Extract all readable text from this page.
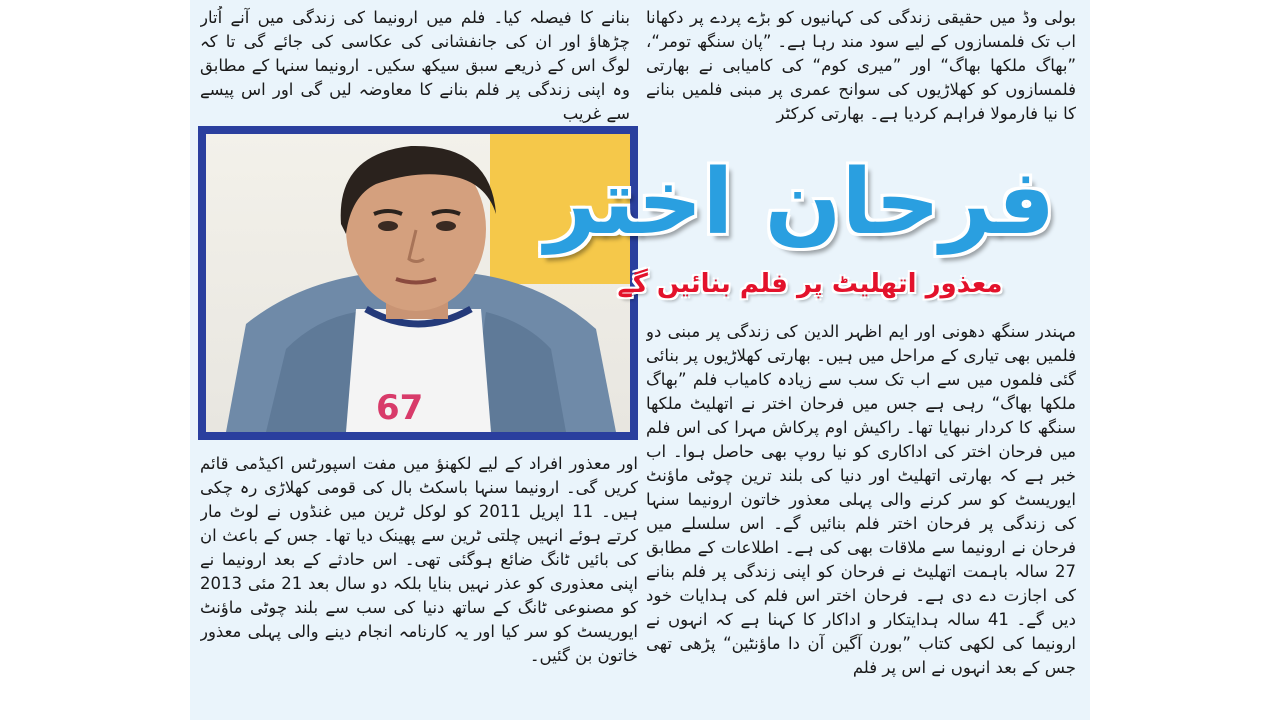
بولی وڈ میں حقیقی زندگی کی کہانیوں کو بڑے پردے پر دکھانا اب تک فلمسازوں کے لیے سود مند رہا ہے۔ ”پان سنگھ تومر“، ”بھاگ ملکھا بھاگ“ اور ”میری کوم“ کی کامیابی نے بھارتی فلمسازوں کو کھلاڑیوں کی سوانح عمری پر مبنی فلمیں بنانے کا نیا فارمولا فراہم کردیا ہے۔ بھارتی کرکٹر

بنانے کا فیصلہ کیا۔ فلم میں ارونیما کی زندگی میں آنے اُتار چڑھاؤ اور ان کی جانفشانی کی عکاسی کی جائے گی تا کہ لوگ اس کے ذریعے سبق سیکھ سکیں۔ ارونیما سنہا کے مطابق وہ اپنی زندگی پر فلم بنانے کا معاوضہ لیں گی اور اس پیسے سے غریب

67
فرحان اختر
معذور اتھلیٹ پر فلم بنائیں گے

مہندر سنگھ دھونی اور ایم اظہر الدین کی زندگی پر مبنی دو فلمیں بھی تیاری کے مراحل میں ہیں۔ بھارتی کھلاڑیوں پر بنائی گئی فلموں میں سے اب تک سب سے زیادہ کامیاب فلم ”بھاگ ملکھا بھاگ“ رہی ہے جس میں فرحان اختر نے اتھلیٹ ملکھا سنگھ کا کردار نبھایا تھا۔ راکیش اوم پرکاش مہرا کی اس فلم میں فرحان اختر کی اداکاری کو نیا روپ بھی حاصل ہوا۔ اب خبر ہے کہ بھارتی اتھلیٹ اور دنیا کی بلند ترین چوٹی ماؤنٹ ایوریسٹ کو سر کرنے والی پہلی معذور خاتون ارونیما سنہا کی زندگی پر فرحان اختر فلم بنائیں گے۔ اس سلسلے میں فرحان نے ارونیما سے ملاقات بھی کی ہے۔ اطلاعات کے مطابق 27 سالہ باہمت اتھلیٹ نے فرحان کو اپنی زندگی پر فلم بنانے کی اجازت دے دی ہے۔ فرحان اختر اس فلم کی ہدایات خود دیں گے۔ 41 سالہ ہدایتکار و اداکار کا کہنا ہے کہ انہوں نے ارونیما کی لکھی کتاب ”بورن آگین آن دا ماؤنٹین“ پڑھی تھی جس کے بعد انہوں نے اس پر فلم

اور معذور افراد کے لیے لکھنؤ میں مفت اسپورٹس اکیڈمی قائم کریں گی۔ ارونیما سنہا باسکٹ بال کی قومی کھلاڑی رہ چکی ہیں۔ 11 اپریل 2011 کو لوکل ٹرین میں غنڈوں نے لوٹ مار کرتے ہوئے انہیں چلتی ٹرین سے پھینک دیا تھا۔ جس کے باعث ان کی بائیں ٹانگ ضائع ہوگئی تھی۔ اس حادثے کے بعد ارونیما نے اپنی معذوری کو عذر نہیں بنایا بلکہ دو سال بعد 21 مئی 2013 کو مصنوعی ٹانگ کے ساتھ دنیا کی سب سے بلند چوٹی ماؤنٹ ایوریسٹ کو سر کیا اور یہ کارنامہ انجام دینے والی پہلی معذور خاتون بن گئیں۔
